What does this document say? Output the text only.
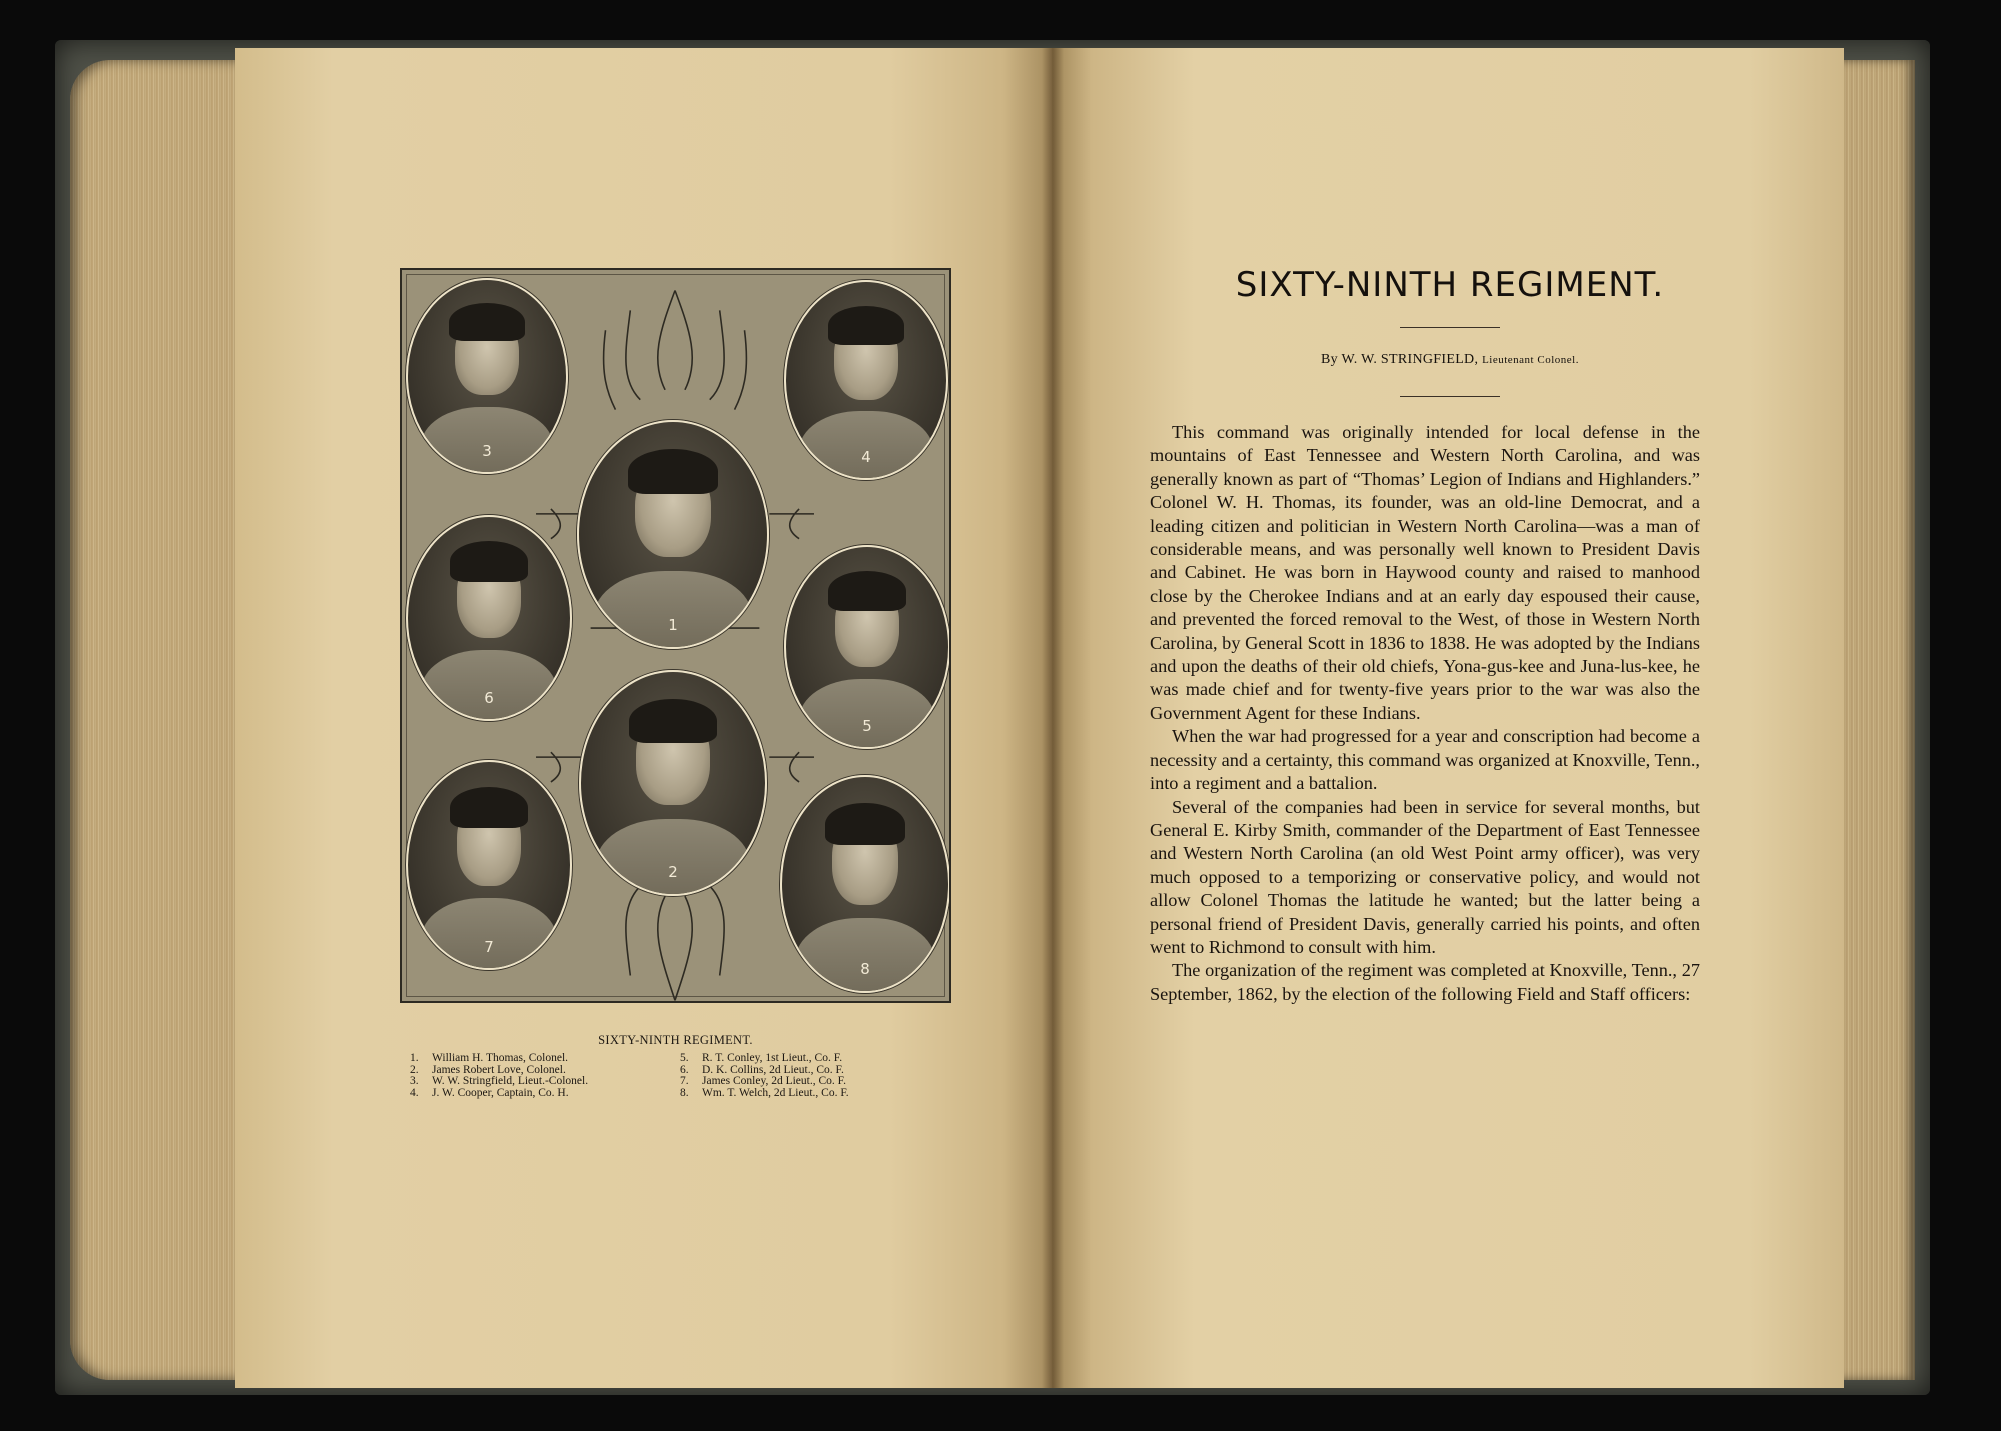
3	4
1
6
5
2
7
8
SIXTY-NINTH REGIMENT.
1. William H. Thomas, Colonel.
2. James Robert Love, Colonel.
3. W. W. Stringfield, Lieut.-Colonel.
4. J. W. Cooper, Captain, Co. H.
5. R. T. Conley, 1st Lieut., Co. F.
6. D. K. Collins, 2d Lieut., Co. F.
7. James Conley, 2d Lieut., Co. F.
8. Wm. T. Welch, 2d Lieut., Co. F.
SIXTY-NINTH REGIMENT.
By W. W. STRINGFIELD, Lieutenant Colonel.

This command was originally intended for local defense in the mountains of East Tennessee and Western North Carolina, and was generally known as part of “Thomas’ Legion of Indians and Highlanders.” Colonel W. H. Thomas, its founder, was an old-line Democrat, and a leading citizen and politician in Western North Carolina—was a man of considerable means, and was personally well known to President Davis and Cabinet. He was born in Haywood county and raised to manhood close by the Cherokee Indians and at an early day espoused their cause, and prevented the forced removal to the West, of those in Western North Carolina, by General Scott in 1836 to 1838. He was adopted by the Indians and upon the deaths of their old chiefs, Yona-gus-kee and Juna-lus-kee, he was made chief and for twenty-five years prior to the war was also the Government Agent for these Indians.

When the war had progressed for a year and conscription had become a necessity and a certainty, this command was organized at Knoxville, Tenn., into a regiment and a battalion.

Several of the companies had been in service for several months, but General E. Kirby Smith, commander of the Department of East Tennessee and Western North Carolina (an old West Point army officer), was very much opposed to a temporizing or conservative policy, and would not allow Colonel Thomas the latitude he wanted; but the latter being a personal friend of President Davis, generally carried his points, and often went to Richmond to consult with him.

The organization of the regiment was completed at Knoxville, Tenn., 27 September, 1862, by the election of the following Field and Staff officers:
